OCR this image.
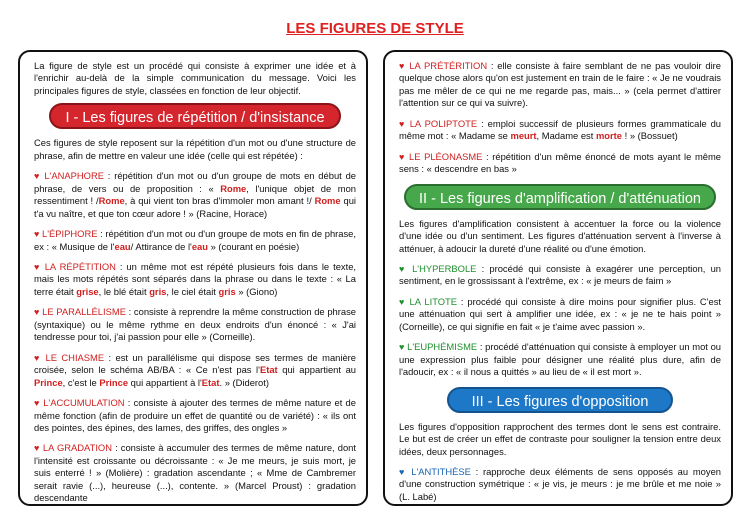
LES FIGURES DE STYLE

La figure de style est un procédé qui consiste à exprimer une idée et à l'enrichir au-delà de la simple communication du message. Voici les principales figures de style, classées en fonction de leur objectif.

I - Les figures de répétition / d'insistance

Ces figures de style reposent sur la répétition d'un mot ou d'une structure de phrase, afin de mettre en valeur une idée (celle qui est répétée) :

♥ L'ANAPHORE : répétition d'un mot ou d'un groupe de mots en début de phrase, de vers ou de proposition : « Rome, l'unique objet de mon ressentiment ! /Rome, à qui vient ton bras d'immoler mon amant !/ Rome qui t'a vu naître, et que ton cœur adore ! » (Racine, Horace)

♥ L'ÉPIPHORE : répétition d'un mot ou d'un groupe de mots en fin de phrase, ex : « Musique de l'eau/ Attirance de l'eau » (courant en poésie)

♥ LA RÉPÉTITION : un même mot est répété plusieurs fois dans le texte, mais les mots répétés sont séparés dans la phrase ou dans le texte : « La terre était grise, le blé était gris, le ciel était gris » (Giono)

♥ LE PARALLÉLISME : consiste à reprendre la même construction de phrase (syntaxique) ou le même rythme en deux endroits d'un énoncé : « J'ai tendresse pour toi, j'ai passion pour elle » (Corneille).

♥ LE CHIASME : est un parallélisme qui dispose ses termes de manière croisée, selon le schéma AB/BA : « Ce n'est pas l'Etat qui appartient au Prince, c'est le Prince qui appartient à l'Etat. » (Diderot)

♥ L'ACCUMULATION : consiste à ajouter des termes de même nature et de même fonction (afin de produire un effet de quantité ou de variété) : « ils ont des pointes, des épines, des lames, des griffes, des ongles »

♥ LA GRADATION : consiste à accumuler des termes de même nature, dont l'intensité est croissante ou décroissante : « Je me meurs, je suis mort, je suis enterré ! » (Molière) : gradation ascendante ; « Mme de Cambremer serait ravie (...), heureuse (...), contente. » (Marcel Proust) : gradation descendante

♥ LA PRÉTÉRITION : elle consiste à faire semblant de ne pas vouloir dire quelque chose alors qu'on est justement en train de le faire : « Je ne voudrais pas me mêler de ce qui ne me regarde pas, mais... » (cela permet d'attirer l'attention sur ce qui va suivre).

♥ LA POLIPTOTE : emploi successif de plusieurs formes grammaticale du même mot : « Madame se meurt, Madame est morte ! » (Bossuet)

♥ LE PLÉONASME : répétition d'un même énoncé de mots ayant le même sens : « descendre en bas »

II - Les figures d'amplification / d'atténuation

Les figures d'amplification consistent à accentuer la force ou la violence d'une idée ou d'un sentiment. Les figures d'atténuation servent à l'inverse à atténuer, à adoucir la dureté d'une réalité ou d'une émotion.

♥ L'HYPERBOLE : procédé qui consiste à exagérer une perception, un sentiment, en le grossissant à l'extrême, ex : « je meurs de faim »

♥ LA LITOTE : procédé qui consiste à dire moins pour signifier plus. C'est une atténuation qui sert à amplifier une idée, ex : « je ne te hais point » (Corneille), ce qui signifie en fait « je t'aime avec passion ».

♥ L'EUPHÉMISME : procédé d'atténuation qui consiste à employer un mot ou une expression plus faible pour désigner une réalité plus dure, afin de l'adoucir, ex : « il nous a quittés » au lieu de « il est mort ».

III - Les figures d'opposition

Les figures d'opposition rapprochent des termes dont le sens est contraire. Le but est de créer un effet de contraste pour souligner la tension entre deux idées, deux personnages.

♥ L'ANTITHÈSE : rapproche deux éléments de sens opposés au moyen d'une construction symétrique : « je vis, je meurs : je me brûle et me noie » (L. Labé)
